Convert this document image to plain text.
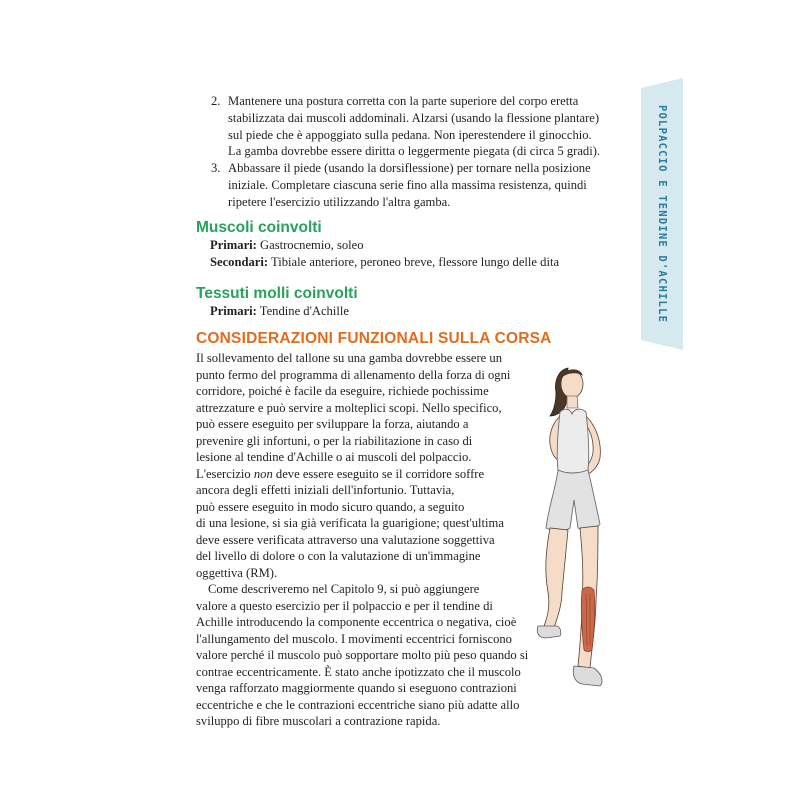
POLPACCIO E TENDINE D'ACHILLE
2. Mantenere una postura corretta con la parte superiore del corpo eretta
stabilizzata dai muscoli addominali. Alzarsi (usando la flessione plantare)
sul piede che è appoggiato sulla pedana. Non iperestendere il ginocchio.
La gamba dovrebbe essere diritta o leggermente piegata (di circa 5 gradi).
3. Abbassare il piede (usando la dorsiflessione) per tornare nella posizione
iniziale. Completare ciascuna serie fino alla massima resistenza, quindi
ripetere l'esercizio utilizzando l'altra gamba.
Muscoli coinvolti
Primari: Gastrocnemio, soleo
Secondari: Tibiale anteriore, peroneo breve, flessore lungo delle dita
Tessuti molli coinvolti
Primari: Tendine d'Achille
CONSIDERAZIONI FUNZIONALI SULLA CORSA
Il sollevamento del tallone su una gamba dovrebbe essere un
punto fermo del programma di allenamento della forza di ogni
corridore, poiché è facile da eseguire, richiede pochissime
attrezzature e può servire a molteplici scopi. Nello specifico,
può essere eseguito per sviluppare la forza, aiutando a
prevenire gli infortuni, o per la riabilitazione in caso di
lesione al tendine d'Achille o ai muscoli del polpaccio.
L'esercizio non deve essere eseguito se il corridore soffre
ancora degli effetti iniziali dell'infortunio. Tuttavia,
può essere eseguito in modo sicuro quando, a seguito
di una lesione, si sia già verificata la guarigione; quest'ultima
deve essere verificata attraverso una valutazione soggettiva
del livello di dolore o con la valutazione di un'immagine
oggettiva (RM).
Come descriveremo nel Capitolo 9, si può aggiungere
valore a questo esercizio per il polpaccio e per il tendine di
Achille introducendo la componente eccentrica o negativa, cioè
l'allungamento del muscolo. I movimenti eccentrici forniscono
valore perché il muscolo può sopportare molto più peso quando si
contrae eccentricamente. È stato anche ipotizzato che il muscolo
venga rafforzato maggiormente quando si eseguono contrazioni
eccentriche e che le contrazioni eccentriche siano più adatte allo
sviluppo di fibre muscolari a contrazione rapida.
